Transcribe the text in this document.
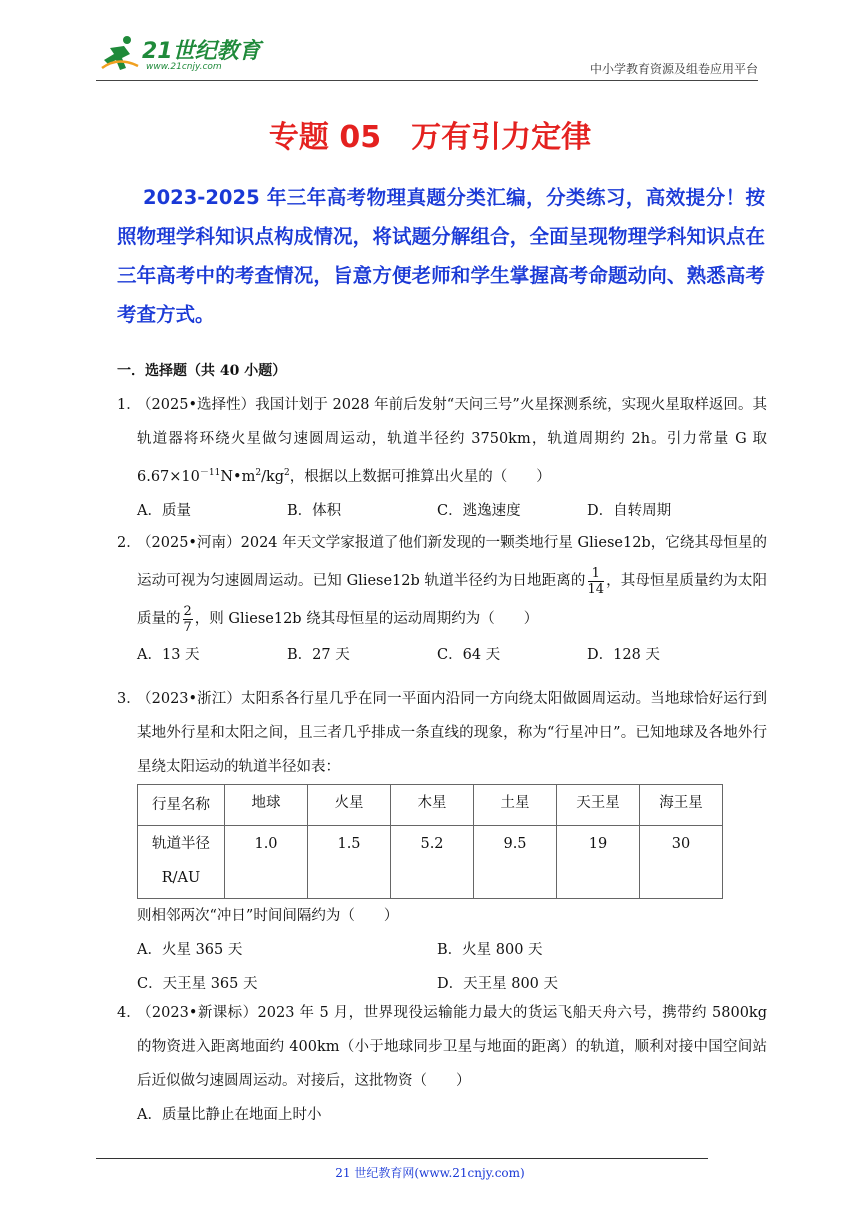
21世纪教育
www.21cnjy.com	中小学教育资源及组卷应用平台
专题 05　万有引力定律
2023-2025 年三年高考物理真题分类汇编，分类练习，高效提分！按照物理学科知识点构成情况，将试题分解组合，全面呈现物理学科知识点在三年高考中的考查情况，旨意方便老师和学生掌握高考命题动向、熟悉高考考查方式。
一．选择题（共 40 小题）
1．
（2025•选择性）我国计划于 2028 年前后发射“天问三号”火星探测系统，实现火星取样返回。其轨道器将环绕火星做匀速圆周运动，轨道半径约 3750km，轨道周期约 2h。引力常量 G 取 $6.67\times 10^{-11}N•m^2/kg^2$，根据以上数据可推算出火星的（　　）
A．质量	B．体积	C．逃逸速度	D．自转周期
2．
（2025•河南）2024 年天文学家报道了他们新发现的一颗类地行星 Gliese12b，它绕其母恒星的运动可视为匀速圆周运动。已知 Gliese12b 轨道半径约为日地距离的 $\frac{1}{14}$ ，其母恒星质量约为太阳质量的 $\frac{2}{7}$ ，则 Gliese12b 绕其母恒星的运动周期约为（　　）
A．13 天	B．27 天	C．64 天	D．128 天
3．
（2023•浙江）太阳系各行星几乎在同一平面内沿同一方向绕太阳做圆周运动。当地球恰好运行到某地外行星和太阳之间，且三者几乎排成一条直线的现象，称为“行星冲日”。已知地球及各地外行星绕太阳运动的轨道半径如表：
行星名称	地球	火星	木星	土星	天王星	海王星
轨道半径
R/AU	1.0	1.5	5.2	9.5	19	30
则相邻两次“冲日”时间间隔约为（　　）
A．火星 365 天	B．火星 800 天
C．天王星 365 天	D．天王星 800 天
4．
（2023•新课标）2023 年 5 月，世界现役运输能力最大的货运飞船天舟六号，携带约 5800kg 的物资进入距离地面约 400km（小于地球同步卫星与地面的距离）的轨道，顺利对接中国空间站后近似做匀速圆周运动。对接后，这批物资（　　）
A．质量比静止在地面上时小
21 世纪教育网(www.21cnjy.com)
